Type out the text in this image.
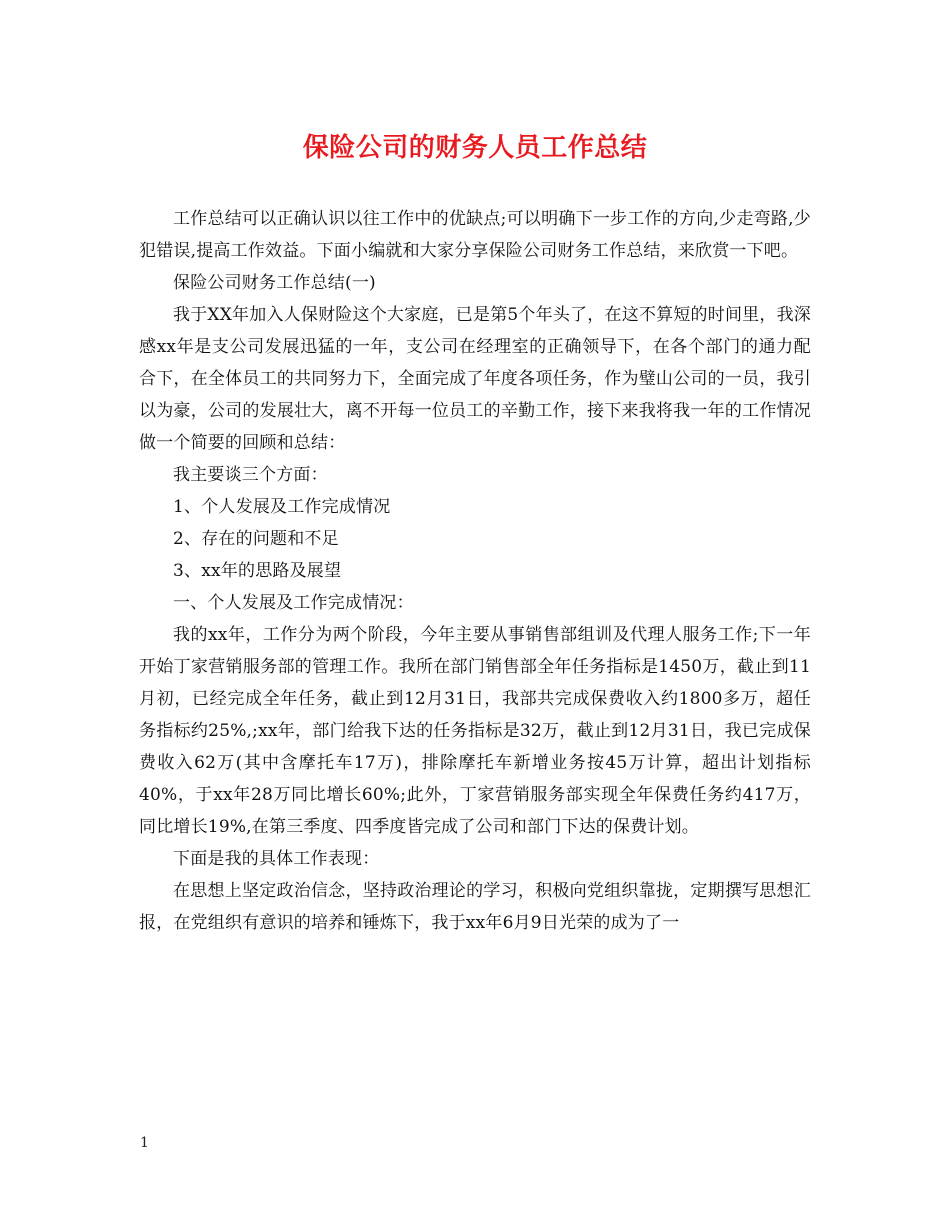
保险公司的财务人员工作总结

工作总结可以正确认识以往工作中的优缺点;可以明确下一步工作的方向,少走弯路,少犯错误,提高工作效益。下面小编就和大家分享保险公司财务工作总结，来欣赏一下吧。

保险公司财务工作总结(一)

我于XX年加入人保财险这个大家庭，已是第5个年头了，在这不算短的时间里，我深感xx年是支公司发展迅猛的一年，支公司在经理室的正确领导下，在各个部门的通力配合下，在全体员工的共同努力下，全面完成了年度各项任务，作为璧山公司的一员，我引以为豪，公司的发展壮大，离不开每一位员工的辛勤工作，接下来我将我一年的工作情况做一个简要的回顾和总结：

我主要谈三个方面：

1、个人发展及工作完成情况

2、存在的问题和不足

3、xx年的思路及展望

一、个人发展及工作完成情况：

我的xx年，工作分为两个阶段，今年主要从事销售部组训及代理人服务工作;下一年开始丁家营销服务部的管理工作。我所在部门销售部全年任务指标是1450万，截止到11月初，已经完成全年任务，截止到12月31日，我部共完成保费收入约1800多万，超任务指标约25%,;xx年，部门给我下达的任务指标是32万，截止到12月31日，我已完成保费收入62万(其中含摩托车17万)，排除摩托车新增业务按45万计算，超出计划指标40%，于xx年28万同比增长60%;此外，丁家营销服务部实现全年保费任务约417万，同比增长19%,在第三季度、四季度皆完成了公司和部门下达的保费计划。

下面是我的具体工作表现：

在思想上坚定政治信念，坚持政治理论的学习，积极向党组织靠拢，定期撰写思想汇报，在党组织有意识的培养和锤炼下，我于xx年6月9日光荣的成为了一

1
